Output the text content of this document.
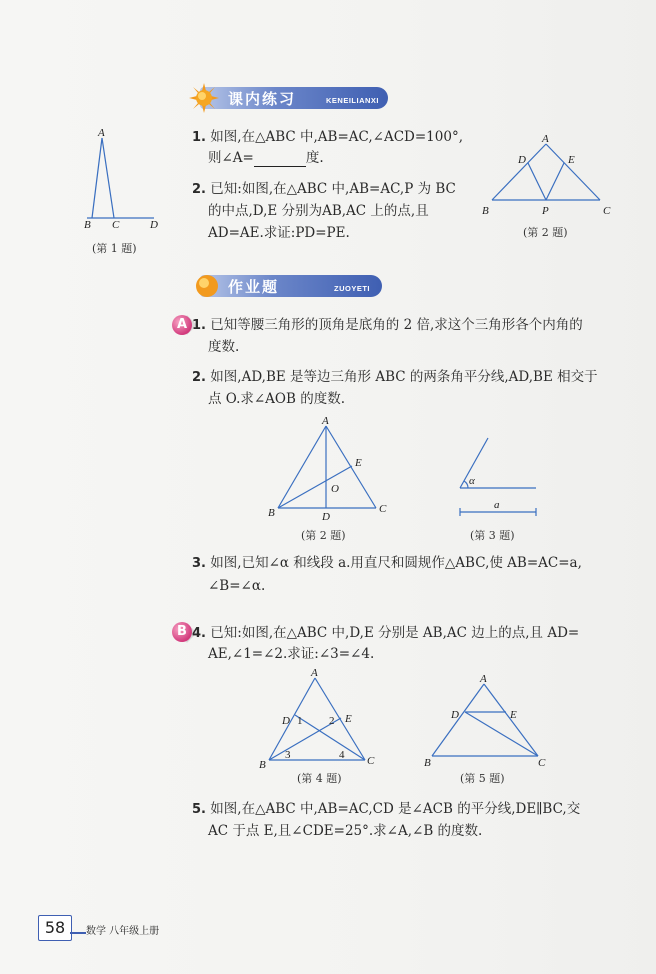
课内练习	KENEILIANXI
A
B C	D
(第 1 题)
1. 如图,在△ABC 中,AB=AC,∠ACD=100°,
则∠A=	度.
2. 已知:如图,在△ABC 中,AB=AC,P 为 BC
的中点,D,E 分别为AB,AC 上的点,且
AD=AE.求证:PD=PE.
A
D	E
B	P	C
(第 2 题)
作业题	ZUOYETI
A 1. 已知等腰三角形的顶角是底角的 2 倍,求这个三角形各个内角的
度数.
2. 如图,AD,BE 是等边三角形 ABC 的两条角平分线,AD,BE 相交于
点 O.求∠AOB 的度数.
A
E
O
B	D
C
(第 2 题)
α
a
(第 3 题)
3. 如图,已知∠α 和线段 a.用直尺和圆规作△ABC,使 AB=AC=a,
∠B=∠α.
B 4. 已知:如图,在△ABC 中,D,E 分别是 AB,AC 边上的点,且 AD=
AE,∠1=∠2.求证:∠3=∠4.
A
D	E
1 2
3	4
B	C
(第 4 题)
A
D	E
B	C
(第 5 题)
5. 如图,在△ABC 中,AB=AC,CD 是∠ACB 的平分线,DE∥BC,交
AC 于点 E,且∠CDE=25°.求∠A,∠B 的度数.
58	数学 八年级上册
